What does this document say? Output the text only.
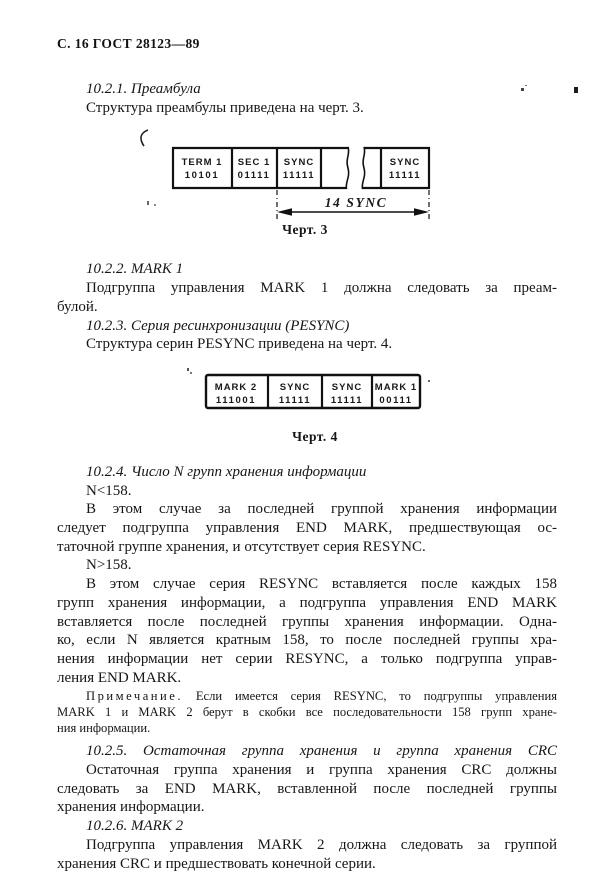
С. 16 ГОСТ 28123—89
10.2.1. Преамбула
Структура преамбулы приведена на черт. 3.
TERM 1
10101
SEC 1
01111
SYNC
11111
SYNC
11111
14 SYNC
Черт. 3
10.2.2. MARK 1
Подгруппа управления MARK 1 должна следовать за преам-
булой.
10.2.3. Серия ресинхронизации (PESYNC)
Структура серин PESYNC приведена на черт. 4.
MARK 2
111001
SYNC
11111
SYNC
11111
MARK 1
00111
Черт. 4
10.2.4. Число N групп хранения информации
N<158.
В этом случае за последней группой хранения информации
следует подгруппа управления END MARK, предшествующая ос-
таточной группе хранения, и отсутствует серия RESYNC.
N>158.
В этом случае серия RESYNC вставляется после каждых 158
групп хранения информации, а подгруппа управления END MARK
вставляется после последней группы хранения информации. Одна-
ко, если N является кратным 158, то после последней группы хра-
нения информации нет серии RESYNC, а только подгруппа управ-
ления END MARK.
Примечание. Если имеется серия RESYNC, то подгруппы управления
MARK 1 и MARK 2 берут в скобки все последовательности 158 групп хране-
ния информации.
10.2.5. Остаточная группа хранения и группа хранения CRC
Остаточная группа хранения и группа хранения CRC должны
следовать за END MARK, вставленной после последней группы
хранения информации.
10.2.6. MARK 2
Подгруппа управления MARK 2 должна следовать за группой
хранения CRC и предшествовать конечной серии.
